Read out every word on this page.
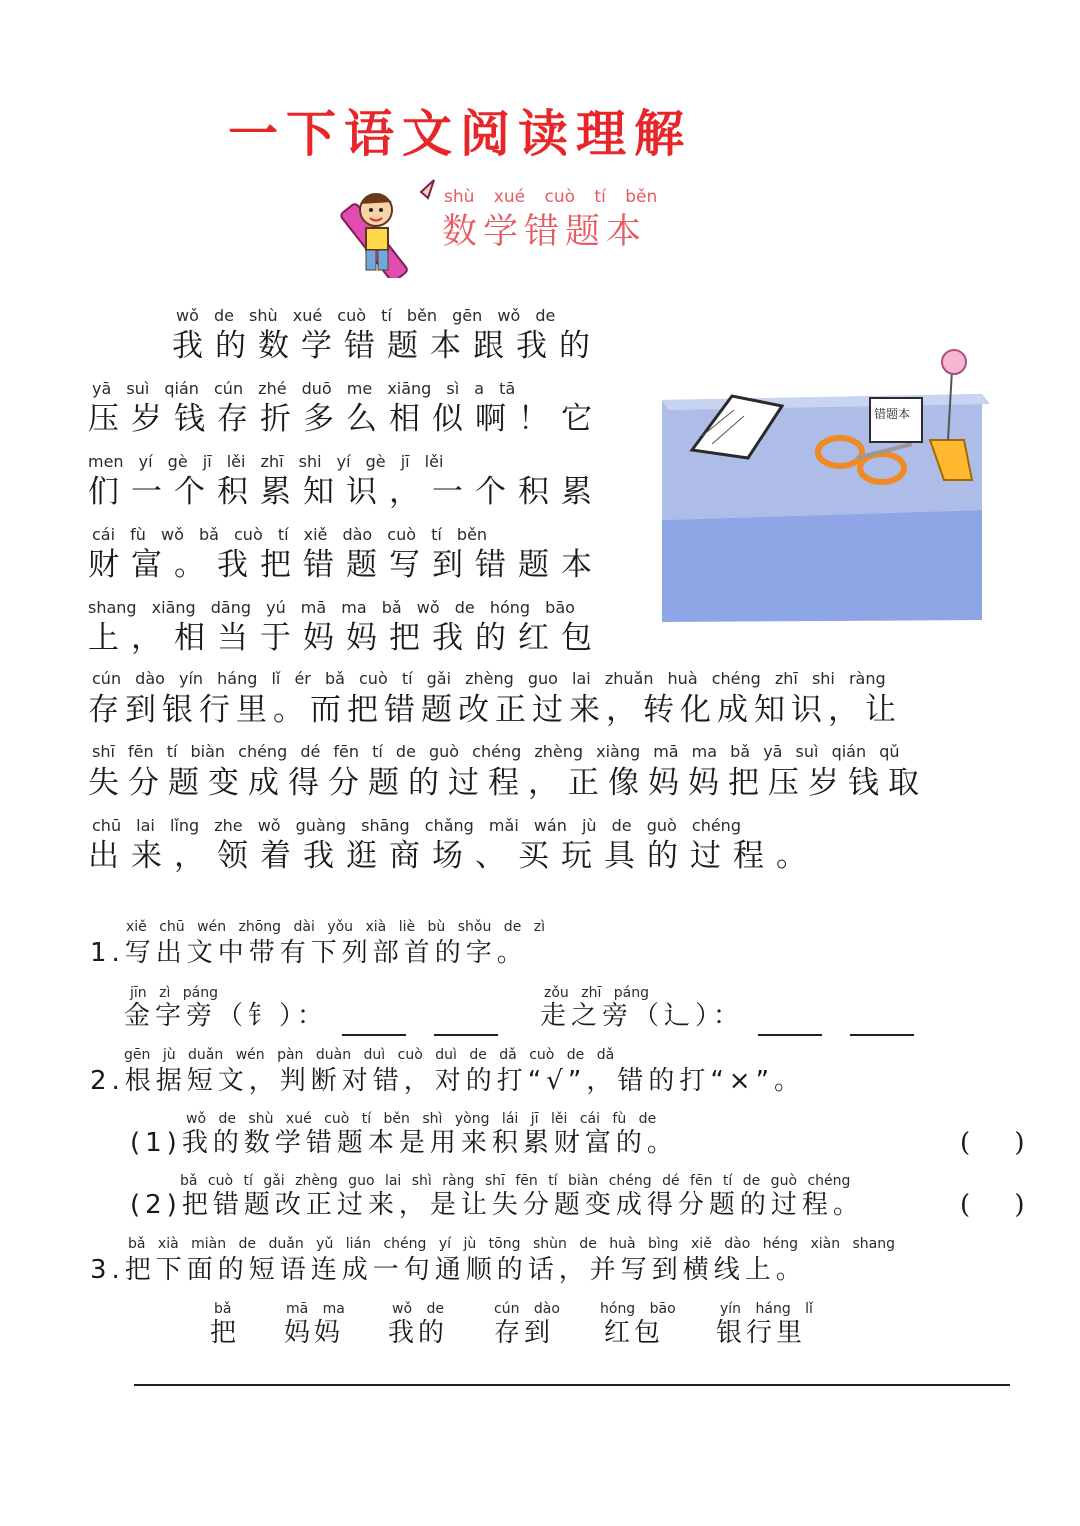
一下语文阅读理解
shù xué cuò tí běn
数学错题本
wǒ de shù xué cuò tí běn gēn wǒ de
我的数学错题本跟我的
yā suì qián cún zhé duō me xiāng sì a tā
压岁钱存折多么相似啊！它
men yí gè jī lěi zhī shi yí gè jī lěi
们一个积累知识，一个积累
cái fù wǒ bǎ cuò tí xiě dào cuò tí běn
财富。我把错题写到错题本
shang xiāng dāng yú mā ma bǎ wǒ de hóng bāo
上，相当于妈妈把我的红包
cún dào yín háng lǐ ér bǎ cuò tí gǎi zhèng guo lai zhuǎn huà chéng zhī shi ràng
存到银行里。而把错题改正过来，转化成知识，让
shī fēn tí biàn chéng dé fēn tí de guò chéng zhèng xiàng mā ma bǎ yā suì qián qǔ
失分题变成得分题的过程，正像妈妈把压岁钱取
chū lai lǐng zhe wǒ guàng shāng chǎng mǎi wán jù de guò chéng
出来，领着我逛商场、买玩具的过程。
错题本
xiě chū wén zhōng dài yǒu xià liè bù shǒu de zì
1.写出文中带有下列部首的字。
jīn zì páng
金字旁（钅）：
zǒu zhī páng
走之旁（辶）：
gēn jù duǎn wén pàn duàn duì cuò duì de dǎ cuò de dǎ
2.根据短文，判断对错，对的打“√”，错的打“×”。
wǒ de shù xué cuò tí běn shì yòng lái jī lěi cái fù de
(1)我的数学错题本是用来积累财富的。	( )
bǎ cuò tí gǎi zhèng guo lai shì ràng shī fēn tí biàn chéng dé fēn tí de guò chéng
(2)把错题改正过来，是让失分题变成得分题的过程。	( )
bǎ xià miàn de duǎn yǔ lián chéng yí jù tōng shùn de huà bìng xiě dào héng xiàn shang
3.把下面的短语连成一句通顺的话，并写到横线上。
bǎ
把
mā ma
妈妈
wǒ de
我的
cún dào
存到
hóng bāo
红包
yín háng lǐ
银行里
